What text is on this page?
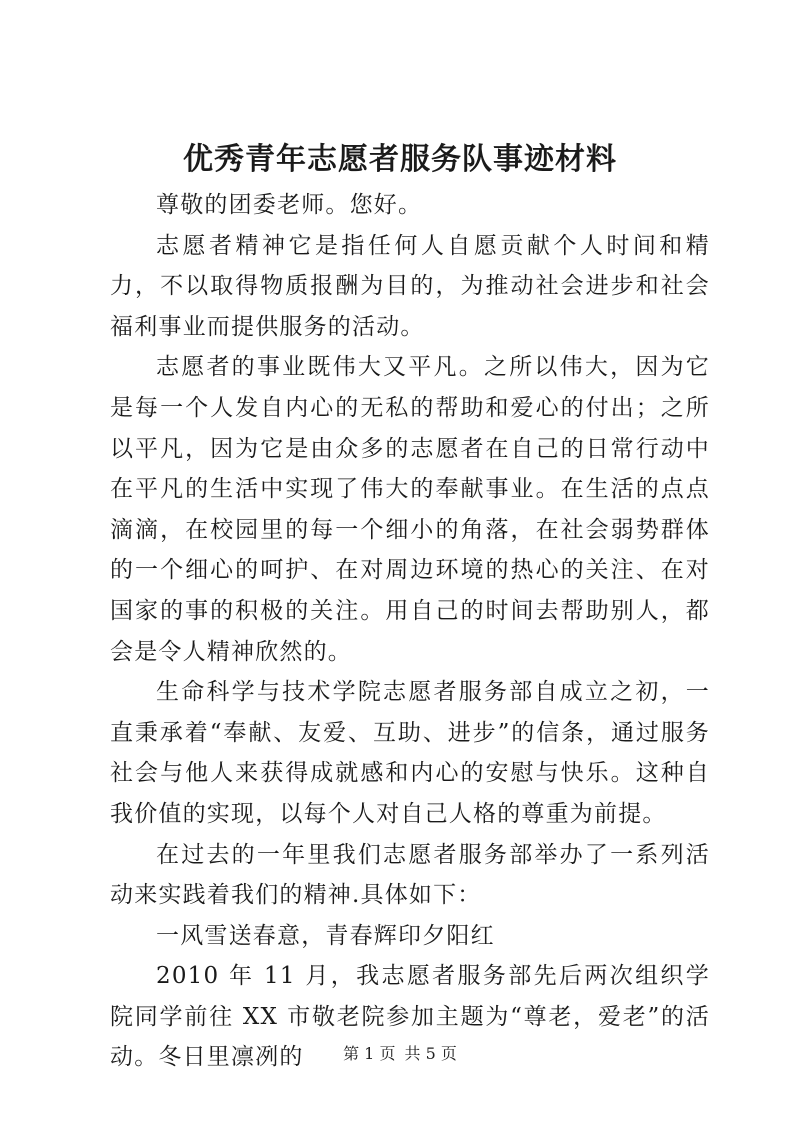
优秀青年志愿者服务队事迹材料

尊敬的团委老师。您好。

志愿者精神它是指任何人自愿贡献个人时间和精力，不以取得物质报酬为目的，为推动社会进步和社会福利事业而提供服务的活动。

志愿者的事业既伟大又平凡。之所以伟大，因为它是每一个人发自内心的无私的帮助和爱心的付出；之所以平凡，因为它是由众多的志愿者在自己的日常行动中在平凡的生活中实现了伟大的奉献事业。在生活的点点滴滴，在校园里的每一个细小的角落，在社会弱势群体的一个细心的呵护、在对周边环境的热心的关注、在对国家的事的积极的关注。用自己的时间去帮助别人，都会是令人精神欣然的。

生命科学与技术学院志愿者服务部自成立之初，一直秉承着“奉献、友爱、互助、进步”的信条，通过服务社会与他人来获得成就感和内心的安慰与快乐。这种自我价值的实现，以每个人对自己人格的尊重为前提。

在过去的一年里我们志愿者服务部举办了一系列活动来实践着我们的精神.具体如下：

一风雪送春意，青春辉印夕阳红

2010 年 11 月，我志愿者服务部先后两次组织学院同学前往 XX 市敬老院参加主题为“尊老，爱老”的活动。冬日里凛冽的	第 1 页 共 5 页
